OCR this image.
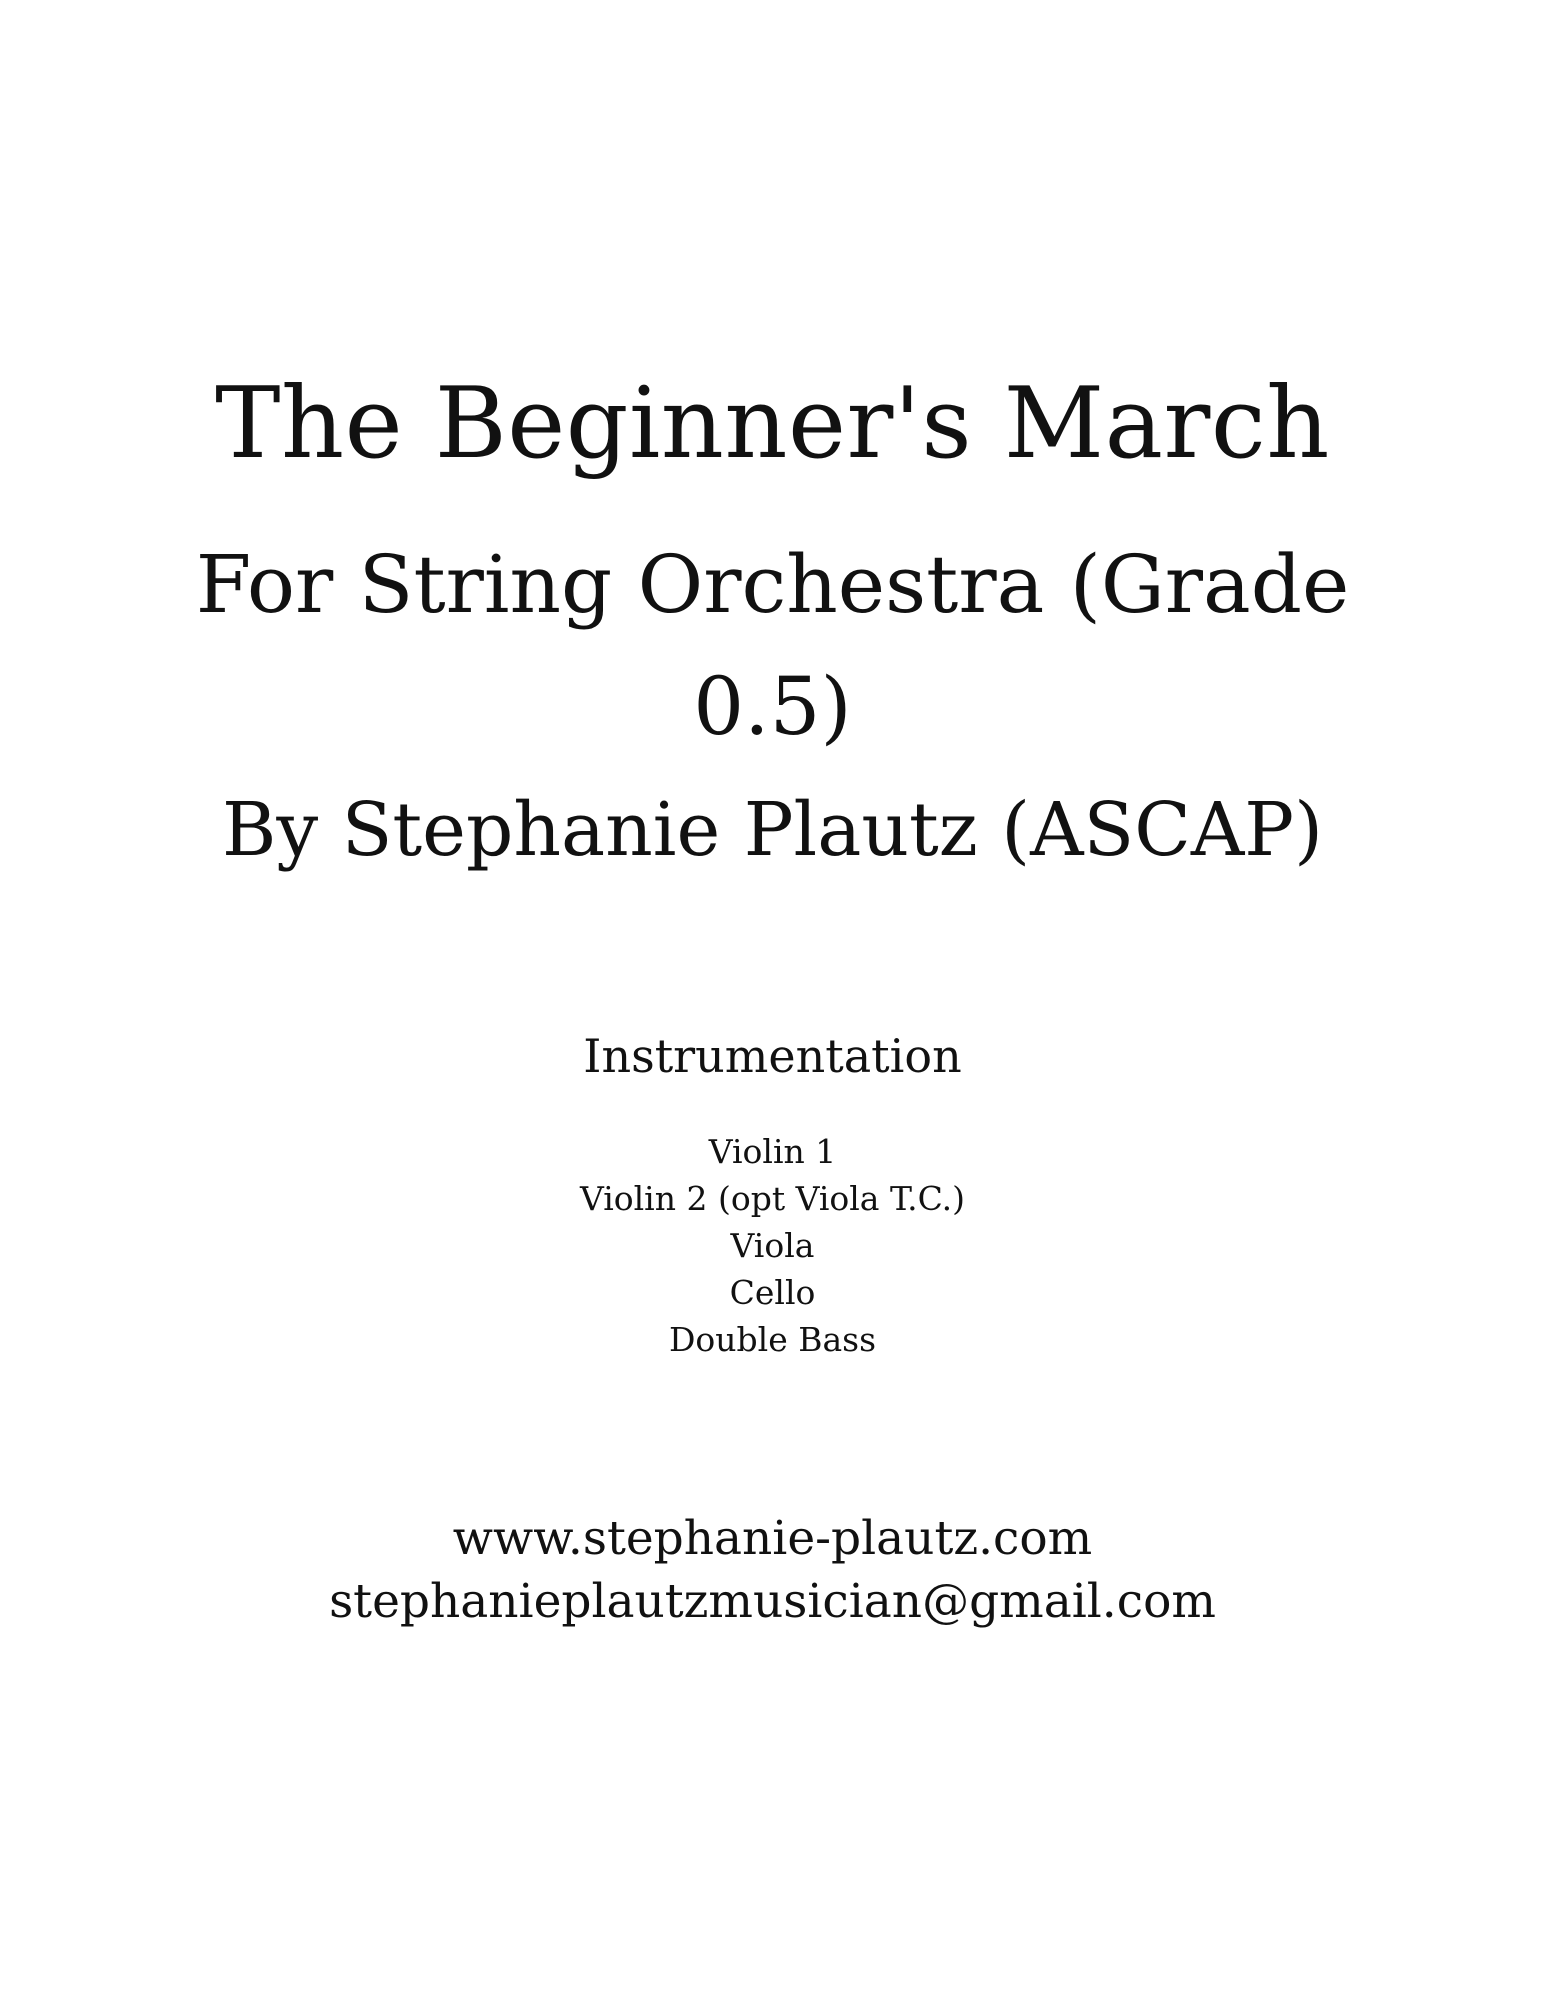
The Beginner's March
For String Orchestra (Grade
0.5)
By Stephanie Plautz (ASCAP)
Instrumentation
Violin 1
Violin 2 (opt Viola T.C.)
Viola
Cello
Double Bass
www.stephanie-plautz.com
stephanieplautzmusician@gmail.com
